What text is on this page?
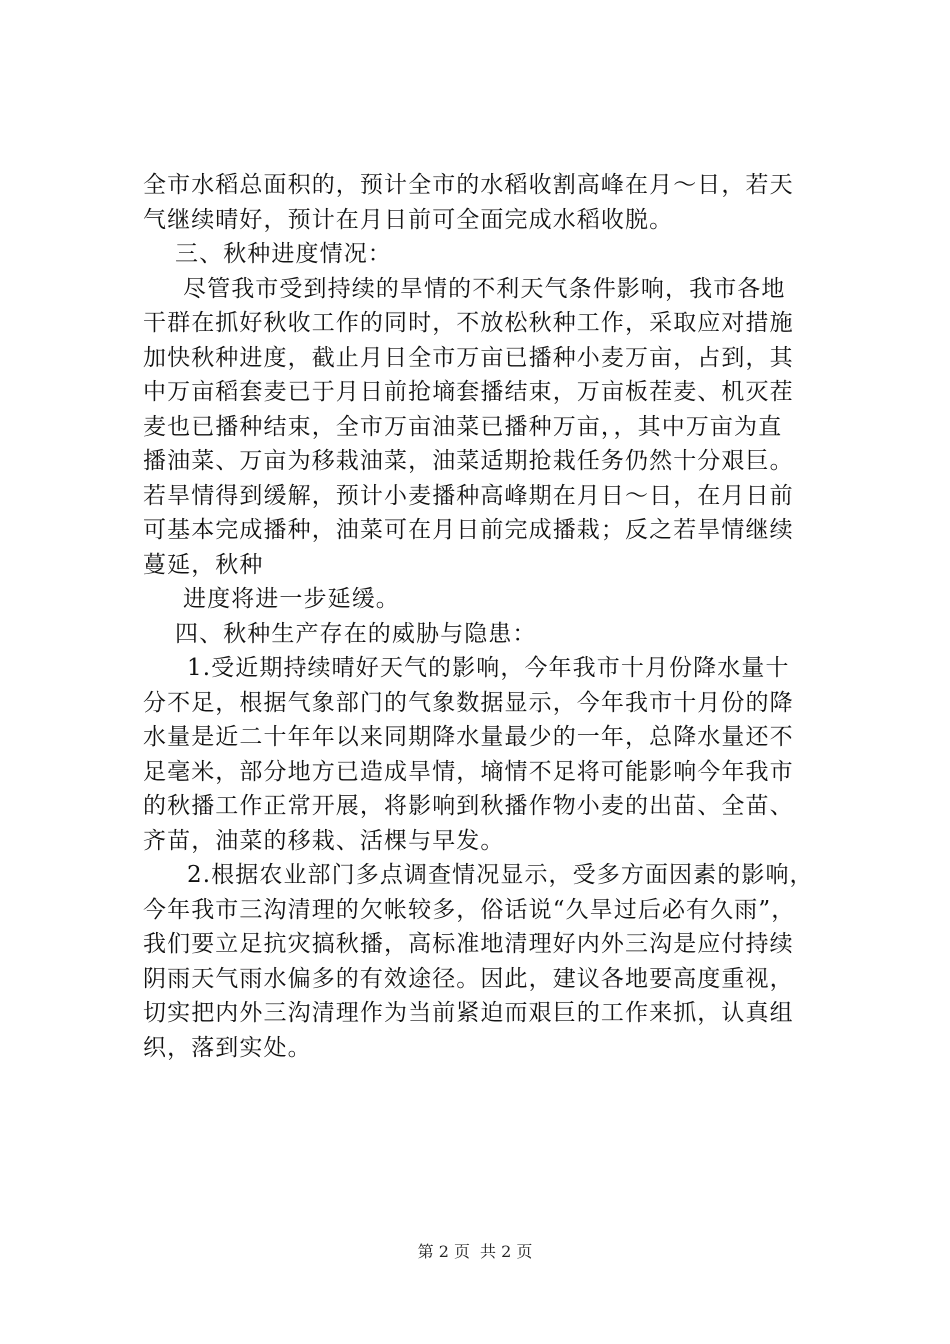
全市水稻总面积的，预计全市的水稻收割高峰在月～日，若天
气继续晴好，预计在月日前可全面完成水稻收脱。
三、秋种进度情况：
尽管我市受到持续的旱情的不利天气条件影响，我市各地
干群在抓好秋收工作的同时，不放松秋种工作，采取应对措施
加快秋种进度，截止月日全市万亩已播种小麦万亩，占到，其
中万亩稻套麦已于月日前抢墒套播结束，万亩板茬麦、机灭茬
麦也已播种结束，全市万亩油菜已播种万亩，，其中万亩为直
播油菜、万亩为移栽油菜，油菜适期抢栽任务仍然十分艰巨。
若旱情得到缓解，预计小麦播种高峰期在月日～日，在月日前
可基本完成播种，油菜可在月日前完成播栽；反之若旱情继续
蔓延，秋种
进度将进一步延缓。
四、秋种生产存在的威胁与隐患：
1.受近期持续晴好天气的影响，今年我市十月份降水量十
分不足，根据气象部门的气象数据显示，今年我市十月份的降
水量是近二十年年以来同期降水量最少的一年，总降水量还不
足毫米，部分地方已造成旱情，墒情不足将可能影响今年我市
的秋播工作正常开展，将影响到秋播作物小麦的出苗、全苗、
齐苗，油菜的移栽、活棵与早发。
2.根据农业部门多点调查情况显示，受多方面因素的影响，
今年我市三沟清理的欠帐较多，俗话说“久旱过后必有久雨”，
我们要立足抗灾搞秋播，高标准地清理好内外三沟是应付持续
阴雨天气雨水偏多的有效途径。因此，建议各地要高度重视，
切实把内外三沟清理作为当前紧迫而艰巨的工作来抓，认真组
织，落到实处。
第 2 页 共 2 页
